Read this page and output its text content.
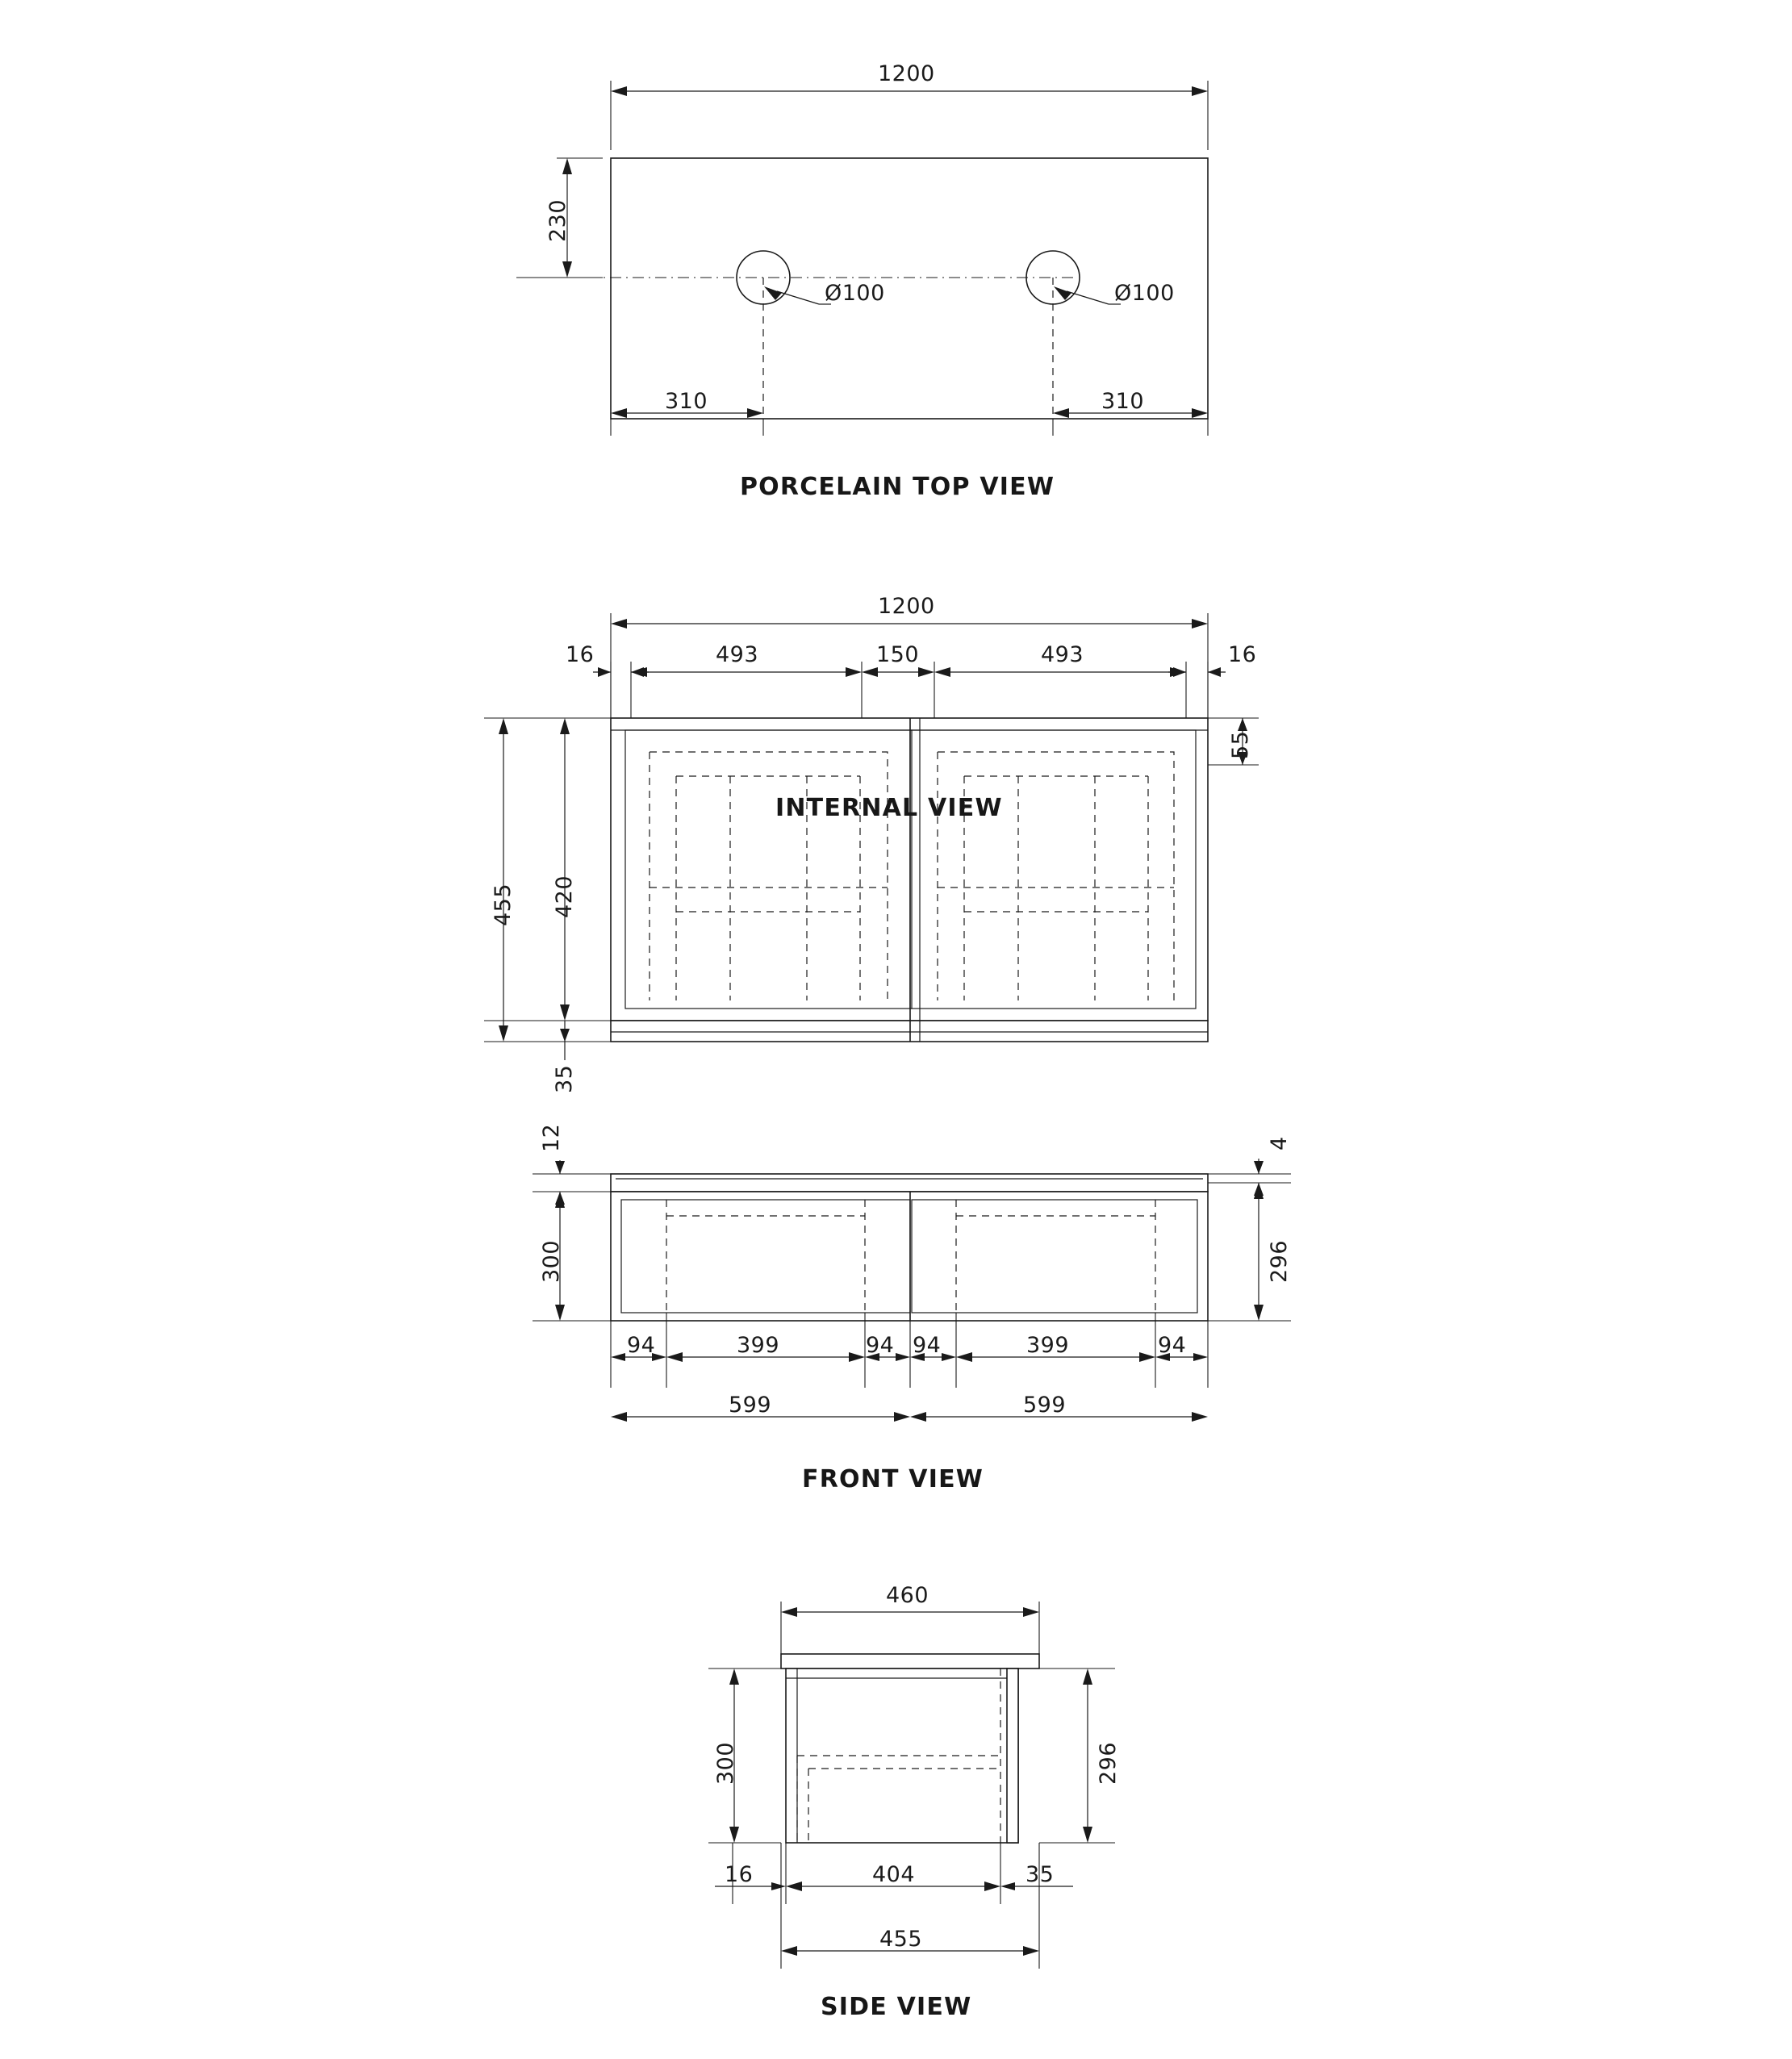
1200
230
Ø100	Ø100
310	310
PORCELAIN TOP VIEW
1200
16	493	150	493	16
455 420
35
55
INTERNAL VIEW
12
300
4
296
94	399	94 94	399	94
599	599
FRONT VIEW
460
300	296
16	404	35
455
SIDE VIEW
